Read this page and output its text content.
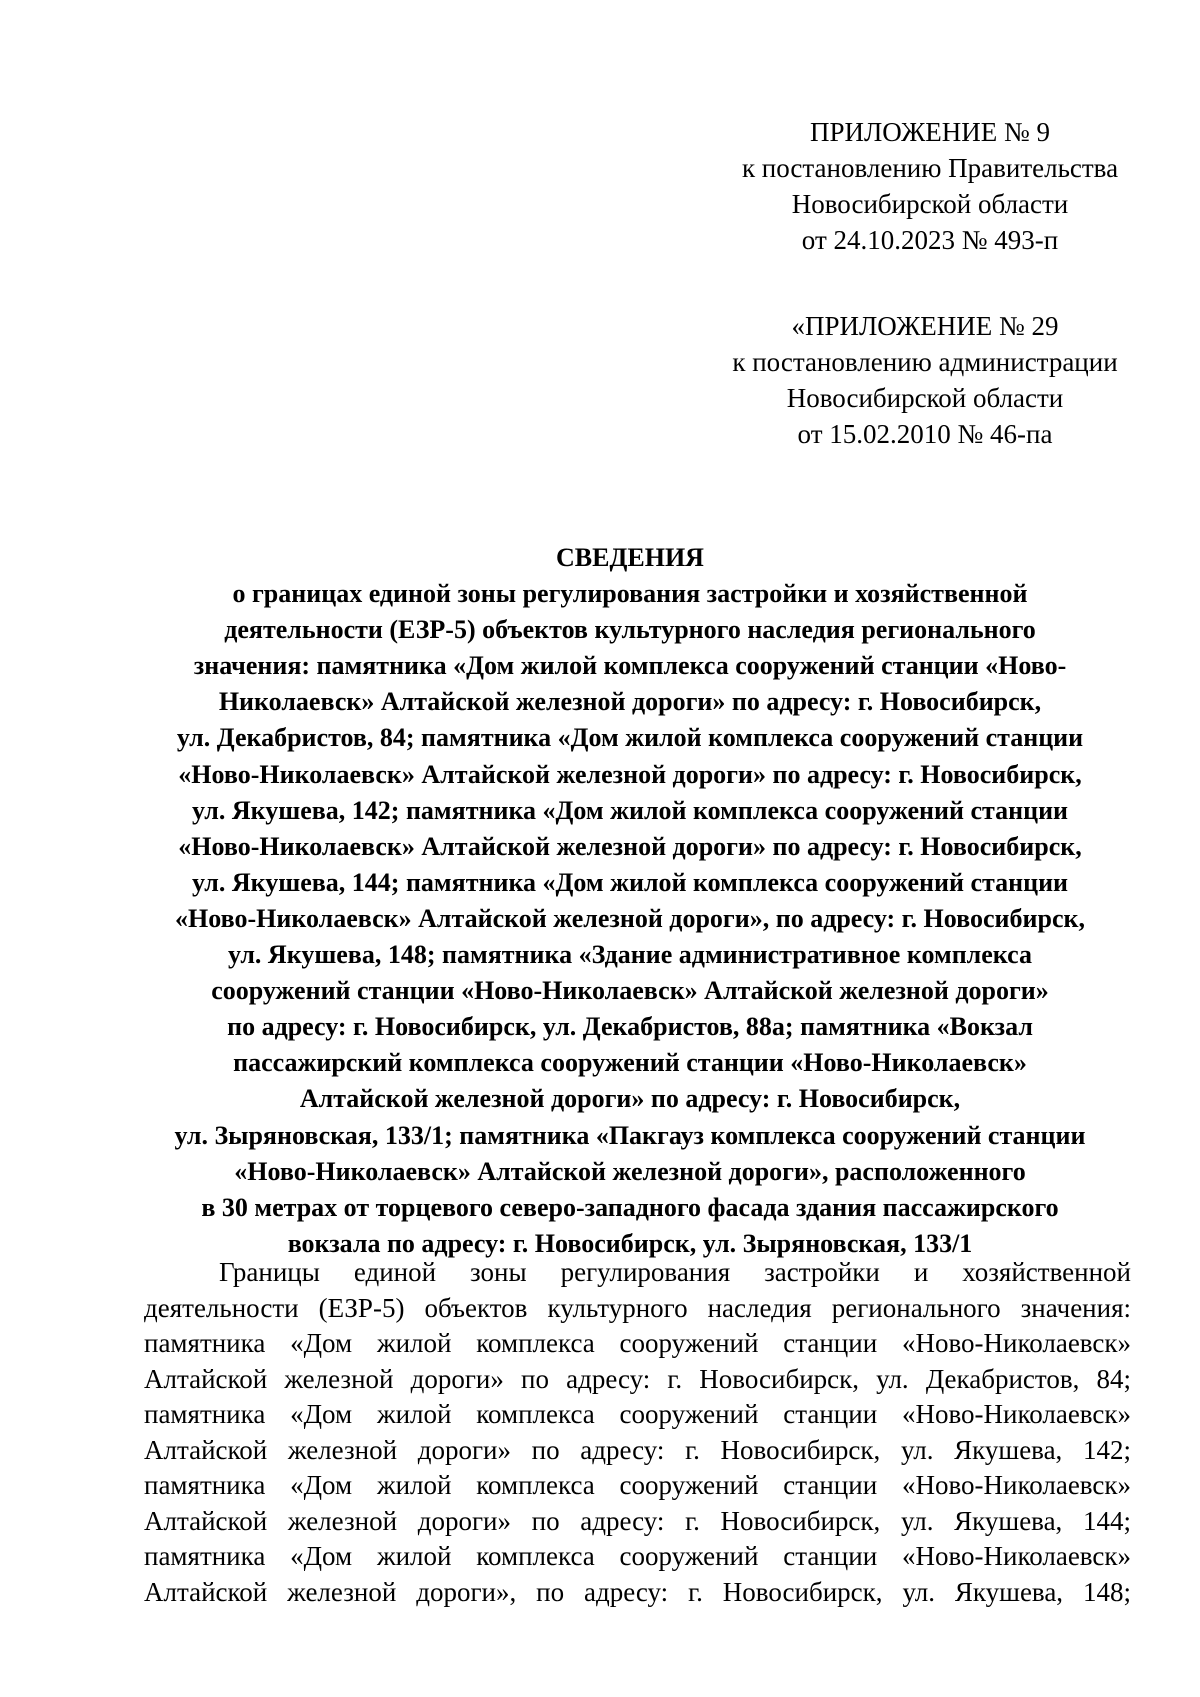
ПРИЛОЖЕНИЕ № 9
к постановлению Правительства
Новосибирской области
от 24.10.2023 № 493-п
«ПРИЛОЖЕНИЕ № 29
к постановлению администрации
Новосибирской области
от 15.02.2010 № 46-па
СВЕДЕНИЯ
о границах единой зоны регулирования застройки и хозяйственной
деятельности (ЕЗР-5) объектов культурного наследия регионального
значения: памятника «Дом жилой комплекса сооружений станции «Ново-
Николаевск» Алтайской железной дороги» по адресу: г. Новосибирск,
ул. Декабристов, 84; памятника «Дом жилой комплекса сооружений станции
«Ново-Николаевск» Алтайской железной дороги» по адресу: г. Новосибирск,
ул. Якушева, 142; памятника «Дом жилой комплекса сооружений станции
«Ново-Николаевск» Алтайской железной дороги» по адресу: г. Новосибирск,
ул. Якушева, 144; памятника «Дом жилой комплекса сооружений станции
«Ново-Николаевск» Алтайской железной дороги», по адресу: г. Новосибирск,
ул. Якушева, 148; памятника «Здание административное комплекса
сооружений станции «Ново-Николаевск» Алтайской железной дороги»
по адресу: г. Новосибирск, ул. Декабристов, 88а; памятника «Вокзал
пассажирский комплекса сооружений станции «Ново-Николаевск»
Алтайской железной дороги» по адресу: г. Новосибирск,
ул. Зыряновская, 133/1; памятника «Пакгауз комплекса сооружений станции
«Ново-Николаевск» Алтайской железной дороги», расположенного
в 30 метрах от торцевого северо-западного фасада здания пассажирского
вокзала по адресу: г. Новосибирск, ул. Зыряновская, 133/1
Границы единой зоны регулирования застройки и хозяйственной
деятельности (ЕЗР-5) объектов культурного наследия регионального значения:
памятника «Дом жилой комплекса сооружений станции «Ново-Николаевск»
Алтайской железной дороги» по адресу: г. Новосибирск, ул. Декабристов, 84;
памятника «Дом жилой комплекса сооружений станции «Ново-Николаевск»
Алтайской железной дороги» по адресу: г. Новосибирск, ул. Якушева, 142;
памятника «Дом жилой комплекса сооружений станции «Ново-Николаевск»
Алтайской железной дороги» по адресу: г. Новосибирск, ул. Якушева, 144;
памятника «Дом жилой комплекса сооружений станции «Ново-Николаевск»
Алтайской железной дороги», по адресу: г. Новосибирск, ул. Якушева, 148;
